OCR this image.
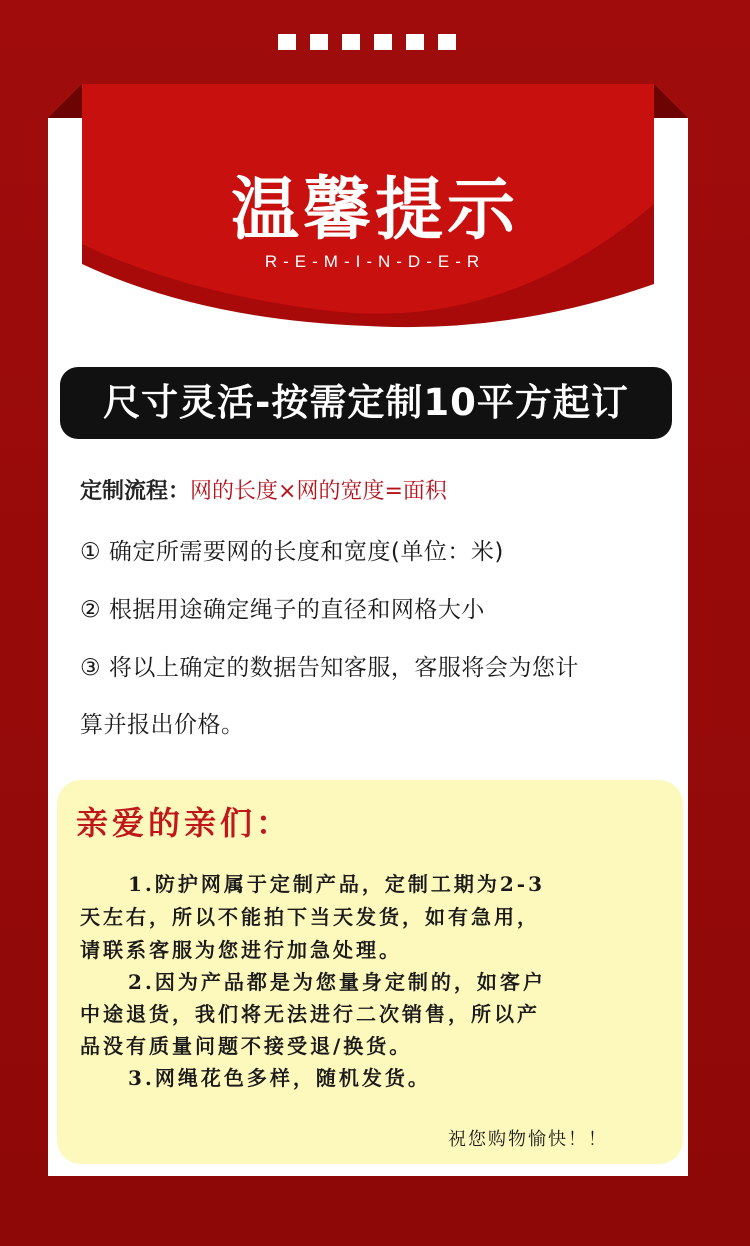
温馨提示
R-E-M-I-N-D-E-R
尺寸灵活-按需定制10平方起订
定制流程：网的长度×网的宽度=面积
① 确定所需要网的长度和宽度(单位：米)
② 根据用途确定绳子的直径和网格大小
③ 将以上确定的数据告知客服，客服将会为您计
算并报出价格。
亲爱的亲们：
1.防护网属于定制产品，定制工期为2-3
天左右，所以不能拍下当天发货，如有急用，
请联系客服为您进行加急处理。
2.因为产品都是为您量身定制的，如客户
中途退货，我们将无法进行二次销售，所以产
品没有质量问题不接受退/换货。
3.网绳花色多样，随机发货。
祝您购物愉快！！
